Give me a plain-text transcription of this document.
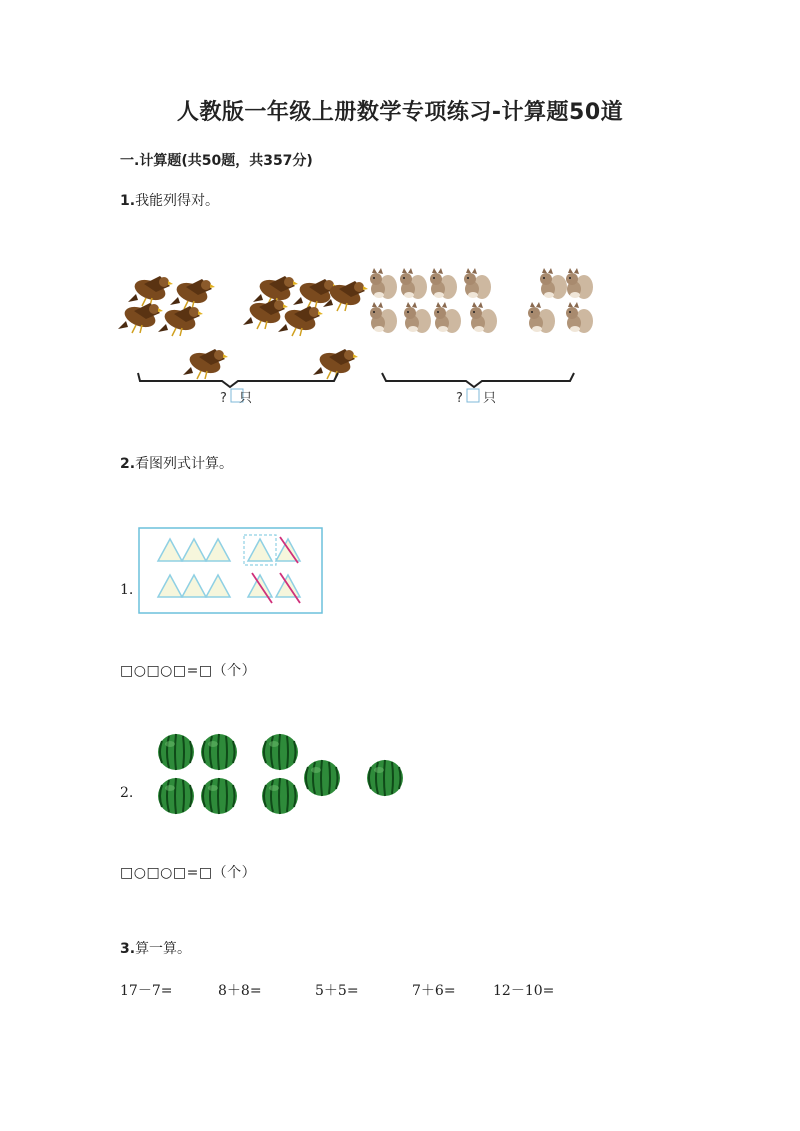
人教版一年级上册数学专项练习-计算题50道
一.计算题(共50题，共357分)
1.我能列得对。
? 只	? 只
2.看图列式计算。
1.
□○□○□=□（个）
2.
□○□○□=□（个）
3.算一算。
17－7=	8＋8=	5＋5=	7＋6=	12－10=
